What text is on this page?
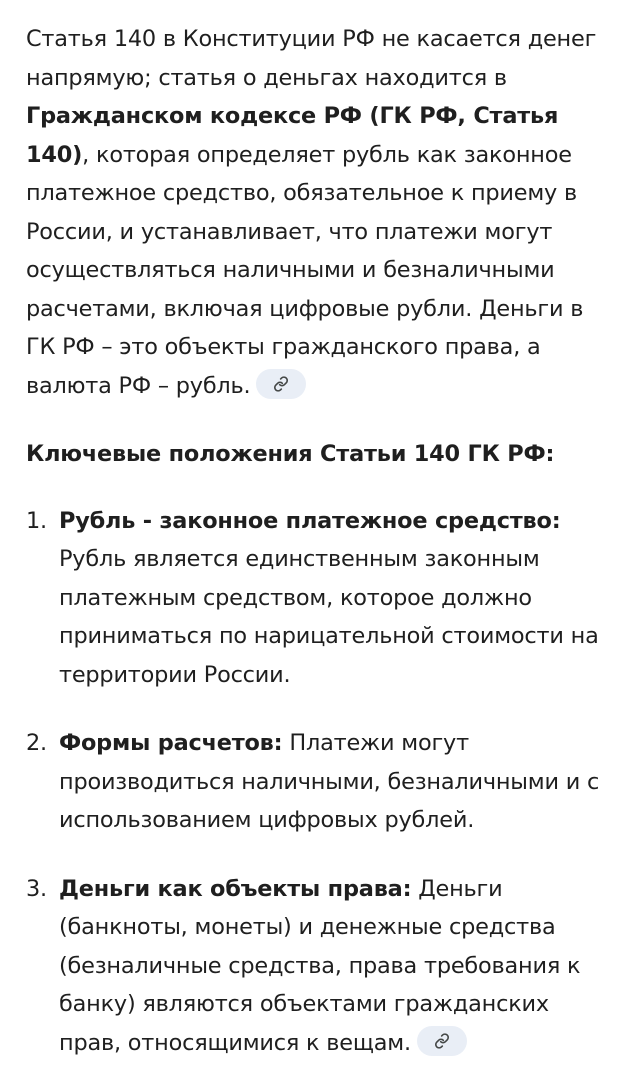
Статья 140 в Конституции РФ не касается денег напрямую; статья о деньгах находится в Гражданском кодексе РФ (ГК РФ, Статья 140), которая определяет рубль как законное платежное средство, обязательное к приему в России, и устанавливает, что платежи могут осуществляться наличными и безналичными расчетами, включая цифровые рубли. Деньги в ГК РФ – это объекты гражданского права, а валюта РФ – рубль.

Ключевые положения Статьи 140 ГК РФ:

1. Рубль - законное платежное средство: Рубль является единственным законным платежным средством, которое должно приниматься по нарицательной стоимости на территории России.
2. Формы расчетов: Платежи могут производиться наличными, безналичными и с использованием цифровых рублей.
3. Деньги как объекты права: Деньги (банкноты, монеты) и денежные средства (безналичные средства, права требования к банку) являются объектами гражданских прав, относящимися к вещам.
